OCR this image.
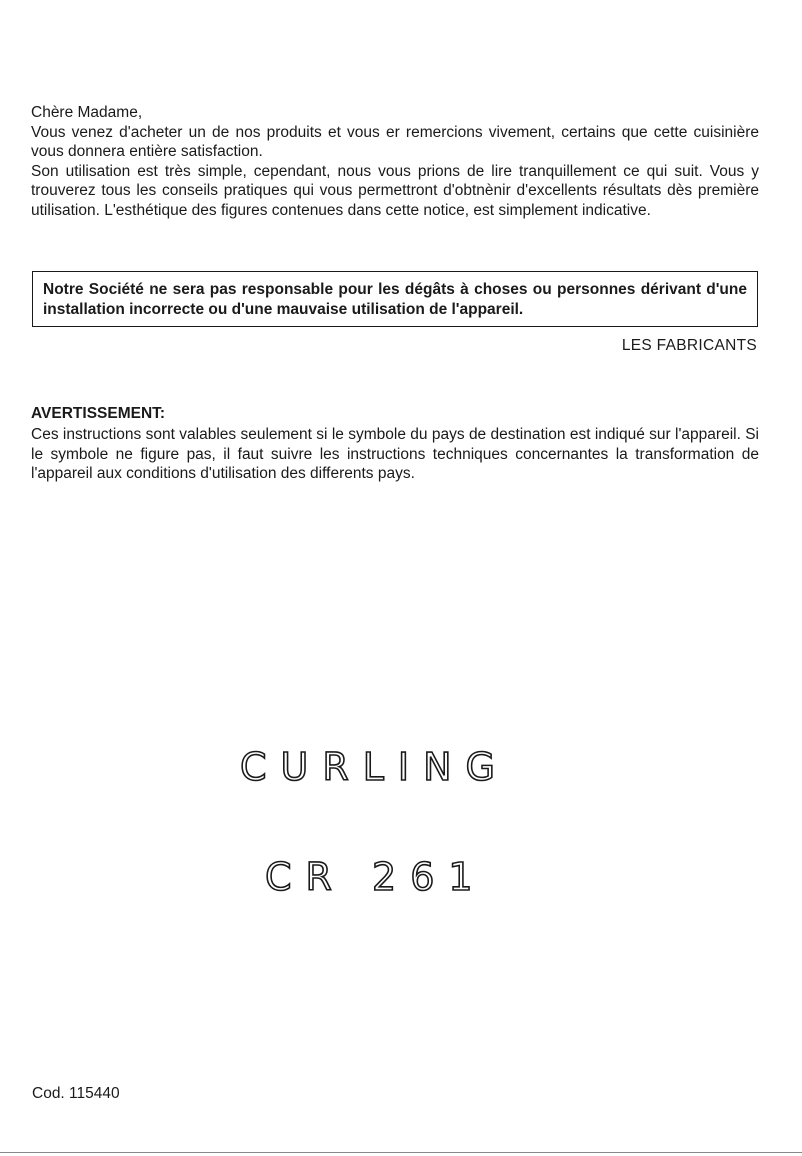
Chère Madame,

Vous venez d'acheter un de nos produits et vous er remercions vivement, certains que cette cuisinière vous donnera entière satisfaction.

Son utilisation est très simple, cependant, nous vous prions de lire tranquillement ce qui suit. Vous y trouverez tous les conseils pratiques qui vous permettront d'obtnènir d'excellents résultats dès première utilisation. L'esthétique des figures contenues dans cette notice, est simplement indicative.

Notre Société ne sera pas responsable pour les dégâts à choses ou personnes dérivant d'une installation incorrecte ou d'une mauvaise utilisation de l'appareil.

LES FABRICANTS
AVERTISSEMENT:

Ces instructions sont valables seulement si le symbole du pays de destination est indiqué sur l'appareil. Si le symbole ne figure pas, il faut suivre les instructions techniques concernantes la transformation de l'appareil aux conditions d'utilisation des differents pays.

CURLING
CR 261
Cod. 115440
